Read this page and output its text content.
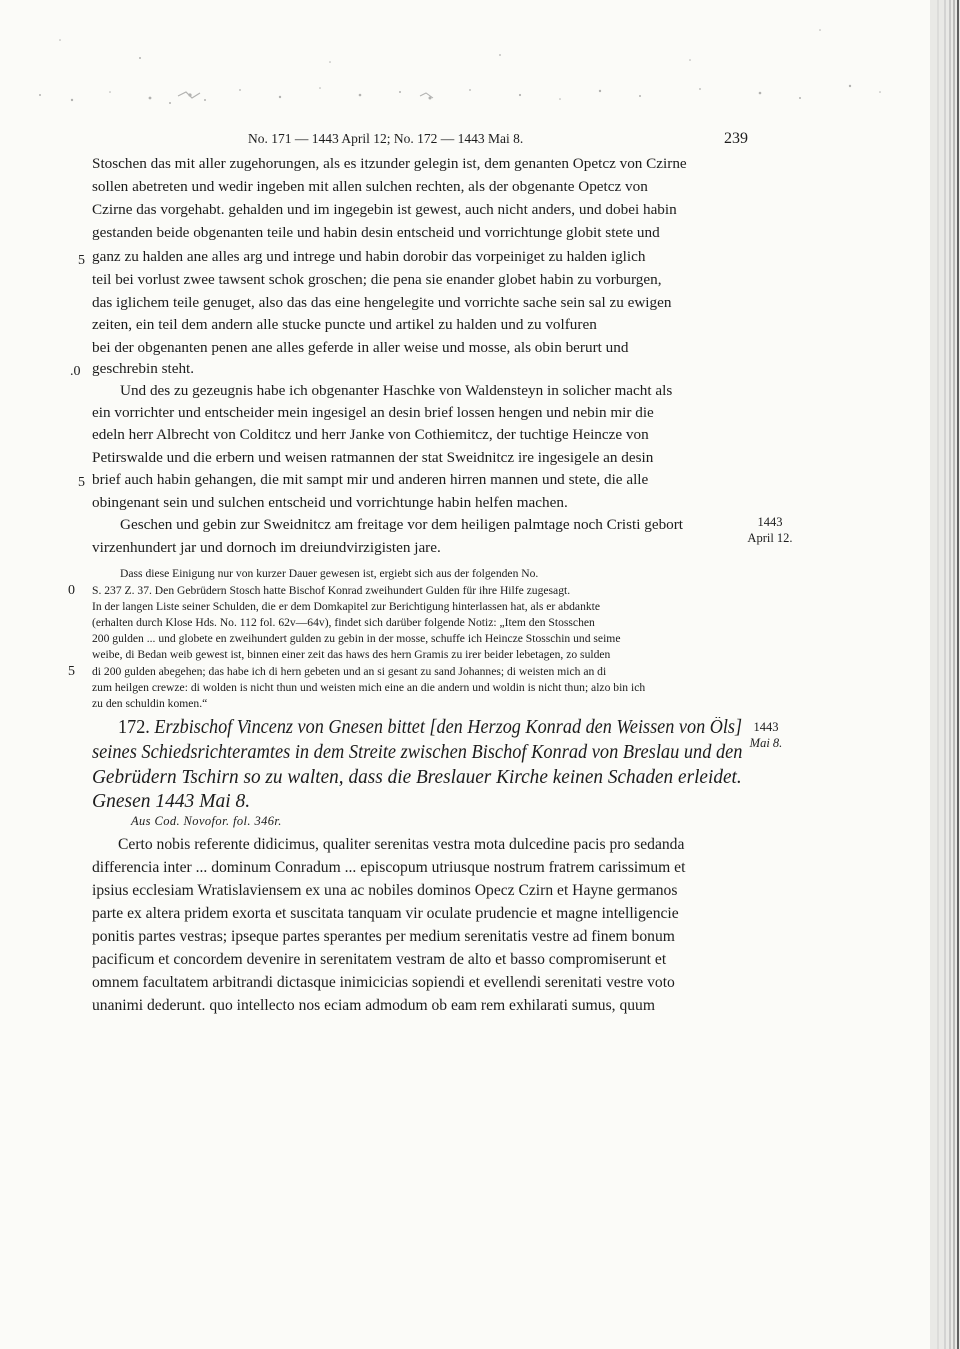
No. 171 — 1443 April 12; No. 172 — 1443 Mai 8.	239
Stoschen das mit aller zugehorungen, als es itzunder gelegin ist, dem genanten Opetcz von Czirne
sollen abetreten und wedir ingeben mit allen sulchen rechten, als der obgenante Opetcz von
Czirne das vorgehabt. gehalden und im ingegebin ist gewest, auch nicht anders, und dobei habin
gestanden beide obgenanten teile und habin desin entscheid und vorrichtunge globit stete und
ganz zu halden ane alles arg und intrege und habin dorobir das vorpeiniget zu halden iglich
teil bei vorlust zwee tawsent schok groschen; die pena sie enander globet habin zu vorburgen,
das iglichem teile genuget, also das das eine hengelegite und vorrichte sache sein sal zu ewigen
zeiten, ein teil dem andern alle stucke puncte und artikel zu halden und zu volfuren
bei der obgenanten penen ane alles geferde in aller weise und mosse, als obin berurt und
geschrebin steht.
Und des zu gezeugnis habe ich obgenanter Haschke von Waldensteyn in solicher macht als
ein vorrichter und entscheider mein ingesigel an desin brief lossen hengen und nebin mir die
edeln herr Albrecht von Colditcz und herr Janke von Cothiemitcz, der tuchtige Heincze von
Petirswalde und die erbern und weisen ratmannen der stat Sweidnitcz ire ingesigele an desin
brief auch habin gehangen, die mit sampt mir und anderen hirren mannen und stete, die alle
obingenant sein und sulchen entscheid und vorrichtunge habin helfen machen.
Geschen und gebin zur Sweidnitcz am freitage vor dem heiligen palmtage noch Cristi gebort
virzenhundert jar und dornoch im dreiundvirzigisten jare.
5
.0
5
1443
April 12.
Dass diese Einigung nur von kurzer Dauer gewesen ist, ergiebt sich aus der folgenden No.
S. 237 Z. 37. Den Gebrüdern Stosch hatte Bischof Konrad zweihundert Gulden für ihre Hilfe zugesagt.
In der langen Liste seiner Schulden, die er dem Domkapitel zur Berichtigung hinterlassen hat, als er abdankte
(erhalten durch Klose Hds. No. 112 fol. 62v—64v), findet sich darüber folgende Notiz: „Item den Stosschen
200 gulden ... und globete en zweihundert gulden zu gebin in der mosse, schuffe ich Heincze Stosschin und seime
weibe, di Bedan weib gewest ist, binnen einer zeit das haws des hern Gramis zu irer beider lebetagen, zo sulden
di 200 gulden abegehen; das habe ich di hern gebeten und an si gesant zu sand Johannes; di weisten mich an di
zum heilgen crewze: di wolden is nicht thun und weisten mich eine an die andern und woldin is nicht thun; alzo bin ich
zu den schuldin komen.“
0
5
172. Erzbischof Vincenz von Gnesen bittet [den Herzog Konrad den Weissen von Öls]
seines Schiedsrichteramtes in dem Streite zwischen Bischof Konrad von Breslau und den
Gebrüdern Tschirn so zu walten, dass die Breslauer Kirche keinen Schaden erleidet.
Gnesen 1443 Mai 8.
1443
Mai 8.
Aus Cod. Novofor. fol. 346r.
Certo nobis referente didicimus, qualiter serenitas vestra mota dulcedine pacis pro sedanda
differencia inter ... dominum Conradum ... episcopum utriusque nostrum fratrem carissimum et
ipsius ecclesiam Wratislaviensem ex una ac nobiles dominos Opecz Czirn et Hayne germanos
parte ex altera pridem exorta et suscitata tanquam vir oculate prudencie et magne intelligencie
ponitis partes vestras; ipseque partes sperantes per medium serenitatis vestre ad finem bonum
pacificum et concordem devenire in serenitatem vestram de alto et basso compromiserunt et
omnem facultatem arbitrandi dictasque inimicicias sopiendi et evellendi serenitati vestre voto
unanimi dederunt. quo intellecto nos eciam admodum ob eam rem exhilarati sumus, quum
